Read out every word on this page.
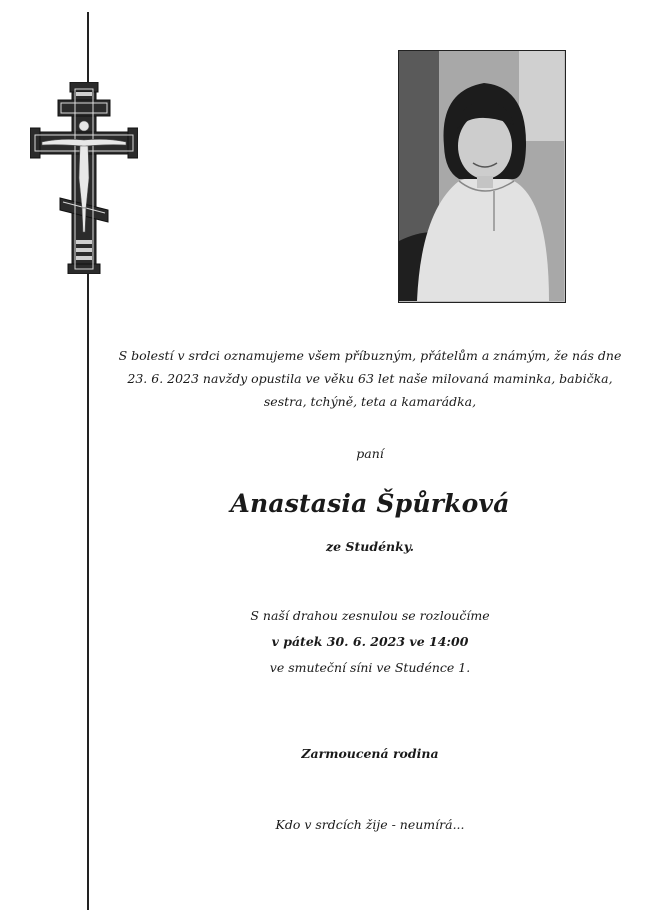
S bolestí v srdci oznamujeme všem příbuzným, přátelům a známým, že nás dne
23. 6. 2023 navždy opustila ve věku 63 let naše milovaná maminka, babička,
sestra, tchýně, teta a kamarádka,
paní
Anastasia Špůrková
ze Studénky.
S naší drahou zesnulou se rozloučíme
v pátek 30. 6. 2023 ve 14:00
ve smuteční síni ve Studénce 1.
Zarmoucená rodina
Kdo v srdcích žije - neumírá...
